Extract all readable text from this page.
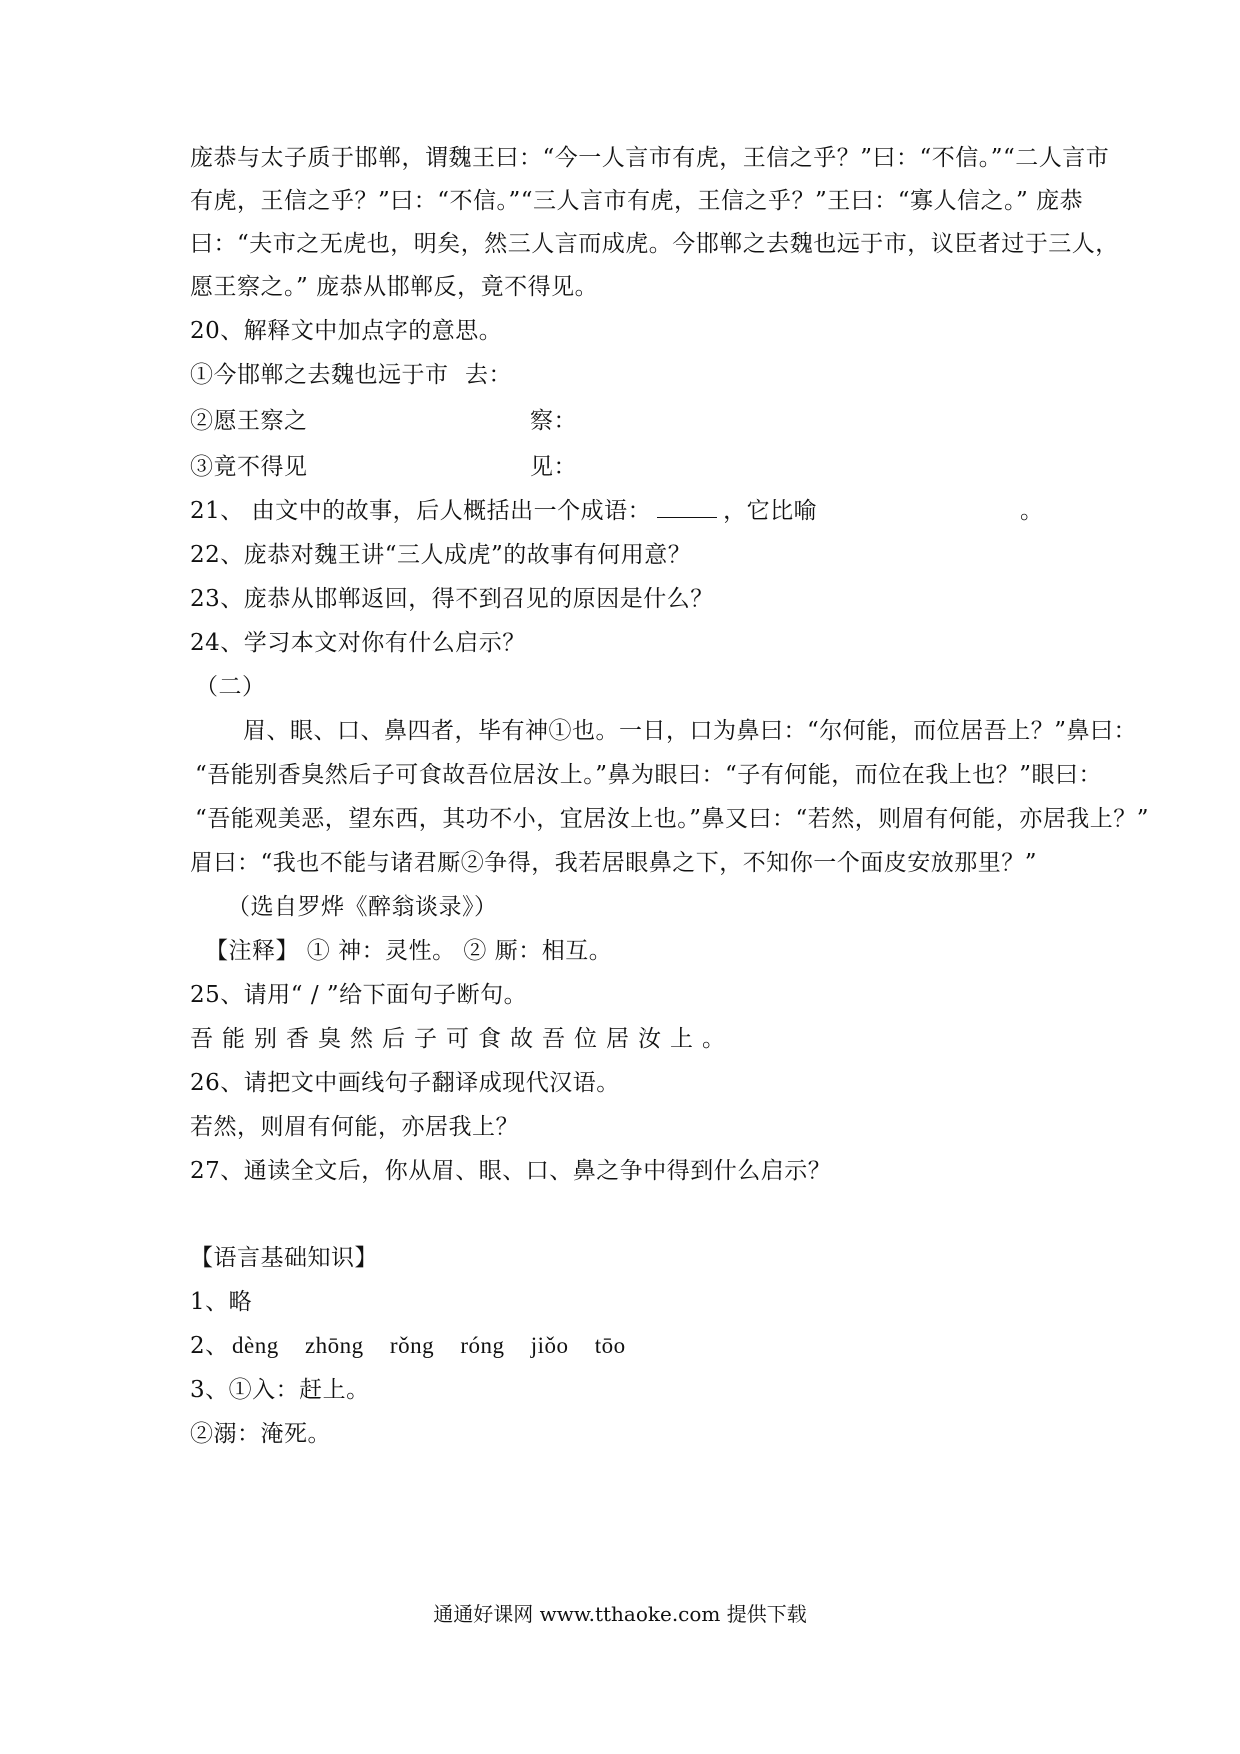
庞恭与太子质于邯郸，谓魏王曰：“今一人言市有虎，王信之乎？”曰：“不信。”“二人言市
有虎，王信之乎？”曰：“不信。”“三人言市有虎，王信之乎？”王曰：“寡人信之。” 庞恭
曰：“夫市之无虎也，明矣，然三人言而成虎。今邯郸之去魏也远于市，议臣者过于三人，
愿王察之。” 庞恭从邯郸反，竟不得见。
20、解释文中加点字的意思。
①今邯郸之去魏也远于市 去：
②愿王察之	察：
③竟不得见	见：
21、 由文中的故事，后人概括出一个成语：	，它比喻	。
22、庞恭对魏王讲“三人成虎”的故事有何用意？
23、庞恭从邯郸返回，得不到召见的原因是什么？
24、学习本文对你有什么启示？
（二）
眉、眼、口、鼻四者，毕有神①也。一日，口为鼻曰：“尔何能，而位居吾上？”鼻曰：
“吾能别香臭然后子可食故吾位居汝上。”鼻为眼曰：“子有何能，而位在我上也？”眼曰：
“吾能观美恶，望东西，其功不小，宜居汝上也。”鼻又曰：“若然，则眉有何能，亦居我上？”
眉曰：“我也不能与诸君厮②争得，我若居眼鼻之下，不知你一个面皮安放那里？”
（选自罗烨《醉翁谈录》）
【注释】 ① 神：灵性。 ② 厮：相互。
25、请用“ / ”给下面句子断句。
吾能别香臭然后子可食故吾位居汝上。
26、请把文中画线句子翻译成现代汉语。
若然，则眉有何能，亦居我上？
27、通读全文后，你从眉、眼、口、鼻之争中得到什么启示？
【语言基础知识】
1、略
2、 dèng zhōng rǒng róng jiǒo tōo
3、①入：赶上。
②溺：淹死。
通通好课网 www.tthaoke.com 提供下载
